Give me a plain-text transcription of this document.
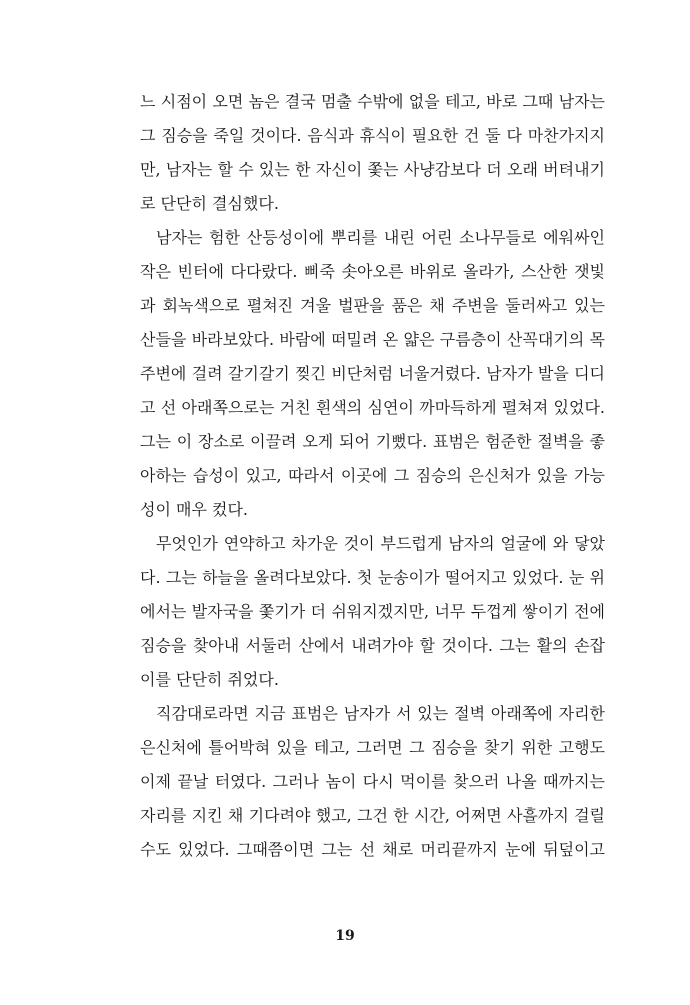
느 시점이 오면 놈은 결국 멈출 수밖에 없을 테고, 바로 그때 남자는
그 짐승을 죽일 것이다. 음식과 휴식이 필요한 건 둘 다 마찬가지지
만, 남자는 할 수 있는 한 자신이 쫓는 사냥감보다 더 오래 버텨내기
로 단단히 결심했다.
남자는 험한 산등성이에 뿌리를 내린 어린 소나무들로 에워싸인
작은 빈터에 다다랐다. 삐죽 솟아오른 바위로 올라가, 스산한 잿빛
과 회녹색으로 펼쳐진 겨울 벌판을 품은 채 주변을 둘러싸고 있는
산들을 바라보았다. 바람에 떠밀려 온 얇은 구름층이 산꼭대기의 목
주변에 걸려 갈기갈기 찢긴 비단처럼 너울거렸다. 남자가 발을 디디
고 선 아래쪽으로는 거친 흰색의 심연이 까마득하게 펼쳐져 있었다.
그는 이 장소로 이끌려 오게 되어 기뻤다. 표범은 험준한 절벽을 좋
아하는 습성이 있고, 따라서 이곳에 그 짐승의 은신처가 있을 가능
성이 매우 컸다.
무엇인가 연약하고 차가운 것이 부드럽게 남자의 얼굴에 와 닿았
다. 그는 하늘을 올려다보았다. 첫 눈송이가 떨어지고 있었다. 눈 위
에서는 발자국을 쫓기가 더 쉬워지겠지만, 너무 두껍게 쌓이기 전에
짐승을 찾아내 서둘러 산에서 내려가야 할 것이다. 그는 활의 손잡
이를 단단히 쥐었다.
직감대로라면 지금 표범은 남자가 서 있는 절벽 아래쪽에 자리한
은신처에 틀어박혀 있을 테고, 그러면 그 짐승을 찾기 위한 고행도
이제 끝날 터였다. 그러나 놈이 다시 먹이를 찾으러 나올 때까지는
자리를 지킨 채 기다려야 했고, 그건 한 시간, 어쩌면 사흘까지 걸릴
수도 있었다. 그때쯤이면 그는 선 채로 머리끝까지 눈에 뒤덮이고
19
